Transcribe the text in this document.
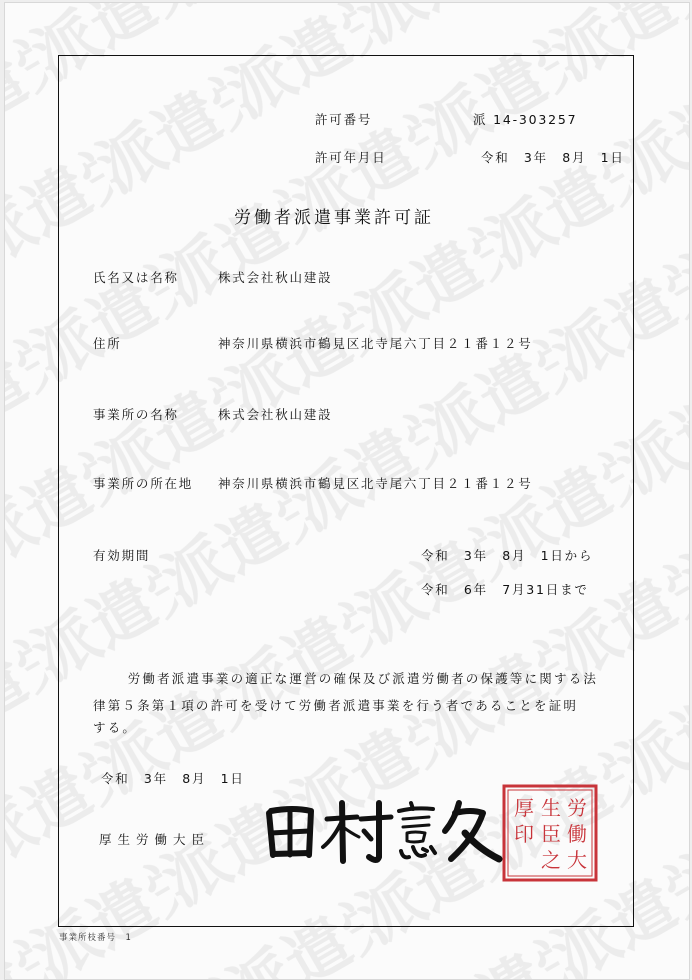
許可番号	派 14-303257
許可年月日	令和　3年　8月　1日
労働者派遣事業許可証
氏名又は名称	株式会社秋山建設
住所	神奈川県横浜市鶴見区北寺尾六丁目２１番１２号
事業所の名称	株式会社秋山建設
事業所の所在地 神奈川県横浜市鶴見区北寺尾六丁目２１番１２号
有効期間	令和　3年　8月　1日から
令和　6年　7月31日まで
　労働者派遣事業の適正な運営の確保及び派遣労働者の保護等に関する法
律第５条第１項の許可を受けて労働者派遣事業を行う者であることを証明
する。
令和　3年　8月　1日
厚生労働大臣
労
働
大
生
臣
之
厚
印
事業所枝番号　1
